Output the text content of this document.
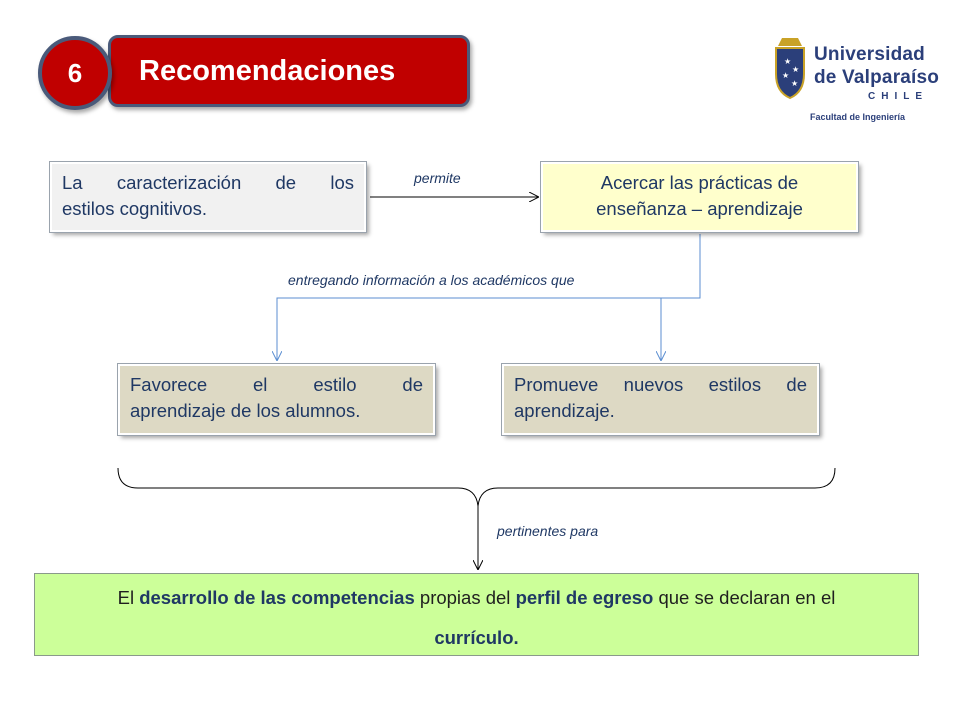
Recomendaciones
6	★
★
★
★
Universidad
de Valparaíso
CHILE
Facultad de Ingeniería
La caracterización de los
estilos cognitivos.
Acercar las prácticas de
enseñanza – aprendizaje
Favorece el estilo de
aprendizaje de los alumnos.
Promueve nuevos estilos de
aprendizaje.
El desarrollo de las competencias propias del perfil de egreso que se declaran en el
currículo.
permite
entregando información a los académicos que
pertinentes para
